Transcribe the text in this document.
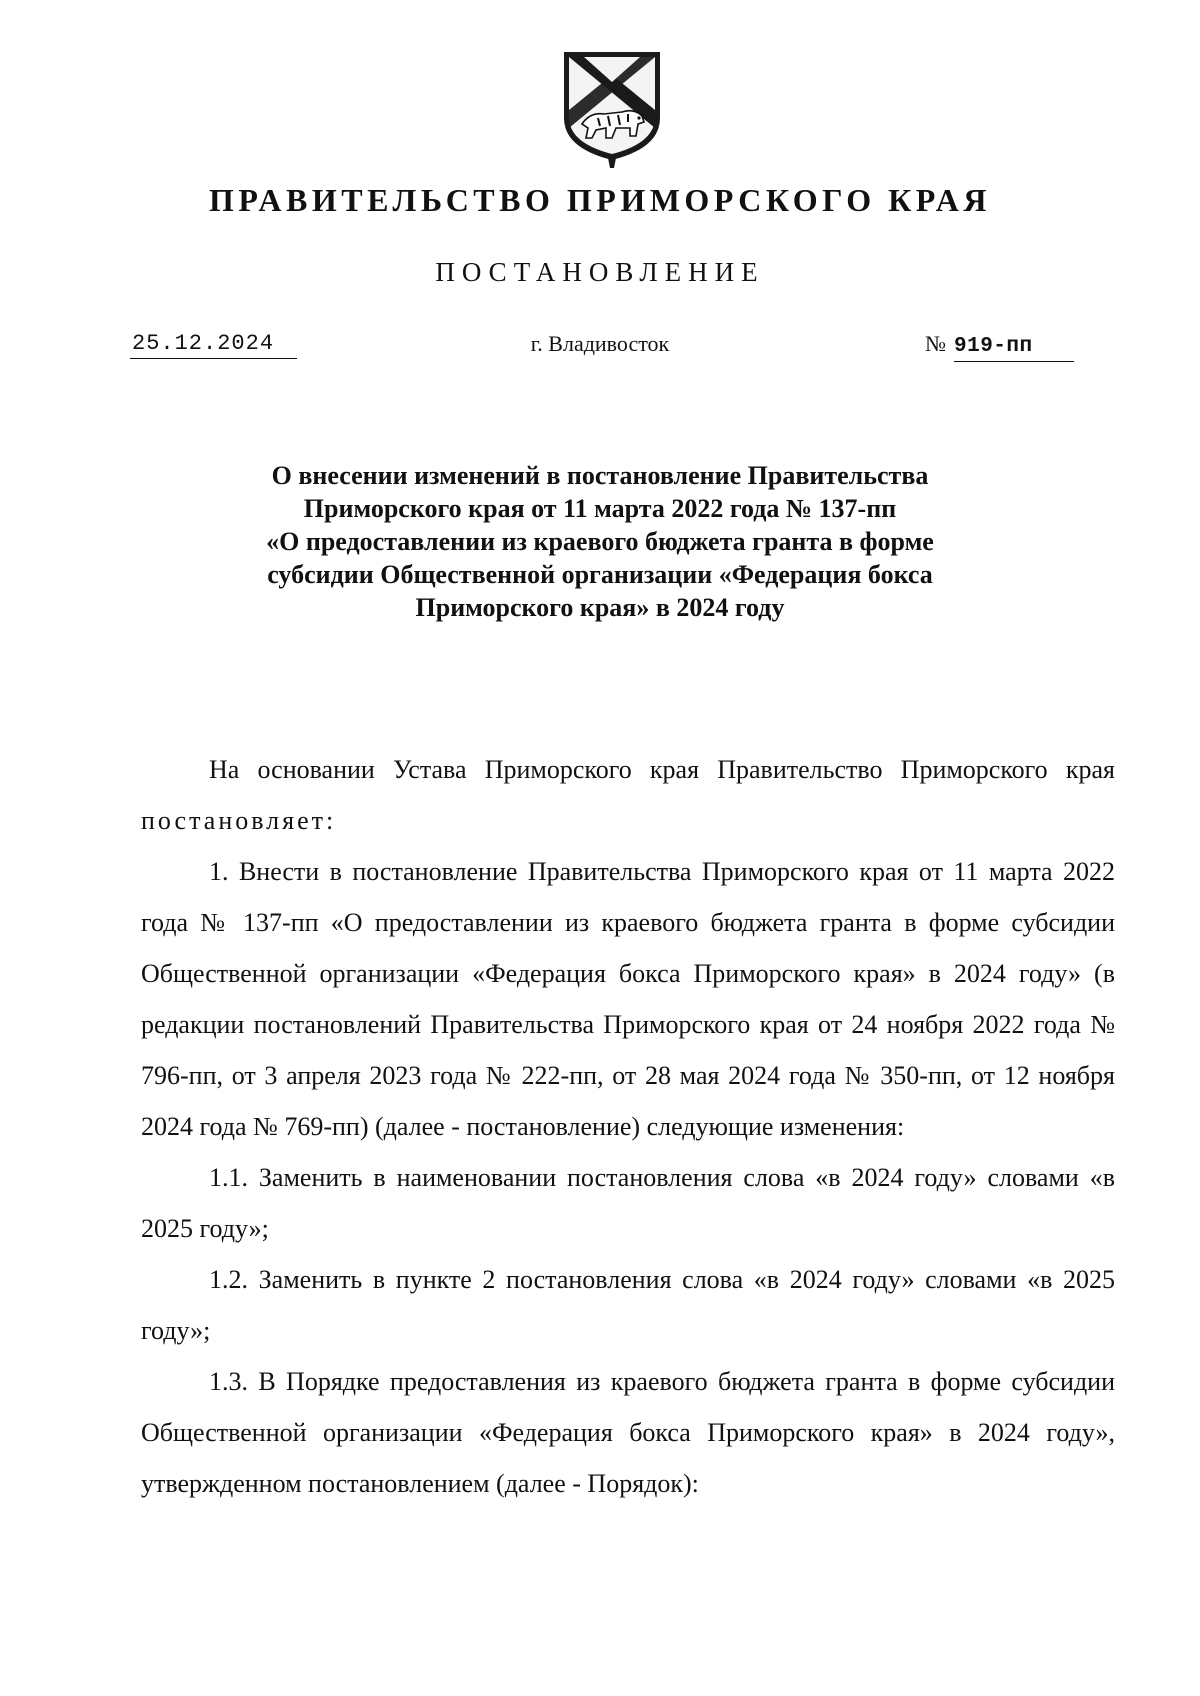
ПРАВИТЕЛЬСТВО ПРИМОРСКОГО КРАЯ
ПОСТАНОВЛЕНИЕ
25.12.2024	г. Владивосток	№ 919-пп
О внесении изменений в постановление Правительства
Приморского края от 11 марта 2022 года № 137-пп
«О предоставлении из краевого бюджета гранта в форме
субсидии Общественной организации «Федерация бокса
Приморского края» в 2024 году

На основании Устава Приморского края Правительство Приморского края постановляет:

1. Внести в постановление Правительства Приморского края от 11 марта 2022 года № 137-пп «О предоставлении из краевого бюджета гранта в форме субсидии Общественной организации «Федерация бокса Приморского края» в 2024 году» (в редакции постановлений Правительства Приморского края от 24 ноября 2022 года № 796-пп, от 3 апреля 2023 года № 222-пп, от 28 мая 2024 года № 350-пп, от 12 ноября 2024 года № 769-пп) (далее - постановление) следующие изменения:

1.1. Заменить в наименовании постановления слова «в 2024 году» словами «в 2025 году»;

1.2. Заменить в пункте 2 постановления слова «в 2024 году» словами «в 2025 году»;

1.3. В Порядке предоставления из краевого бюджета гранта в форме субсидии Общественной организации «Федерация бокса Приморского края» в 2024 году», утвержденном постановлением (далее - Порядок):
